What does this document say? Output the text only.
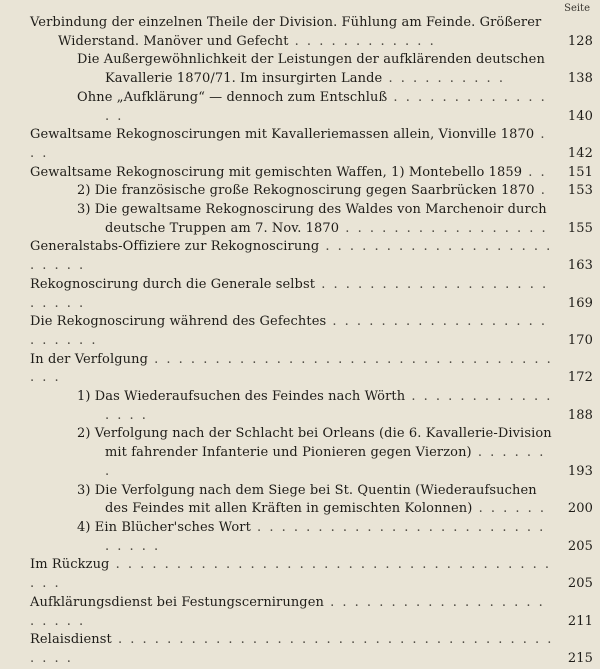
Seite
Verbindung der einzelnen Theile der Division. Fühlung am Feinde. Größerer Widerstand. Manöver und Gefecht . . . . . . . . . . . .	128
Die Außergewöhnlichkeit der Leistungen der aufklärenden deutschen Kavallerie 1870/71. Im insurgirten Lande . . . . . . . . . .	138
Ohne „Aufklärung“ — dennoch zum Entschluß . . . . . . . . . . . . . . .	140
Gewaltsame Rekognoscirungen mit Kavalleriemassen allein, Vionville 1870 . . .	142
Gewaltsame Rekognoscirung mit gemischten Waffen, 1) Montebello 1859 . .	151
2) Die französische große Rekognoscirung gegen Saarbrücken 1870 .	153
3) Die gewaltsame Rekognoscirung des Waldes von Marchenoir durch deutsche Truppen am 7. Nov. 1870 . . . . . . . . . . . . . . . . .	155
Generalstabs-Offiziere zur Rekognoscirung . . . . . . . . . . . . . . . . . . . . . . . .	163
Rekognoscirung durch die Generale selbst . . . . . . . . . . . . . . . . . . . . . . . .	169
Die Rekognoscirung während des Gefechtes . . . . . . . . . . . . . . . . . . . . . . . .	170
In der Verfolgung . . . . . . . . . . . . . . . . . . . . . . . . . . . . . . . . . . . .	172
1) Das Wiederaufsuchen des Feindes nach Wörth . . . . . . . . . . . . . . . .	188
2) Verfolgung nach der Schlacht bei Orleans (die 6. Kavallerie-Division mit fahrender Infanterie und Pionieren gegen Vierzon) . . . . . . .	193
3) Die Verfolgung nach dem Siege bei St. Quentin (Wiederaufsuchen des Feindes mit allen Kräften in gemischten Kolonnen) . . . . . .	200
4) Ein Blücher'sches Wort . . . . . . . . . . . . . . . . . . . . . . . . . . . . .	205
Im Rückzug . . . . . . . . . . . . . . . . . . . . . . . . . . . . . . . . . . . . . . .	205
Aufklärungsdienst bei Festungscernirungen . . . . . . . . . . . . . . . . . . . . . . .	211
Relaisdienst . . . . . . . . . . . . . . . . . . . . . . . . . . . . . . . . . . . . . . . .	215
